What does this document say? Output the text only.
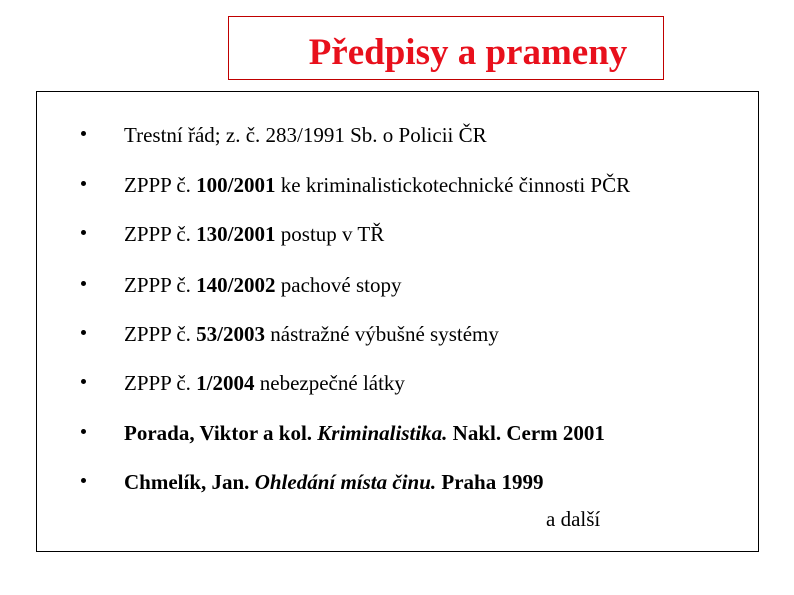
Předpisy a prameny
Trestní řád; z. č. 283/1991 Sb. o Policii ČR
ZPPP č. 100/2001 ke kriminalistickotechnické činnosti PČR
ZPPP č. 130/2001 postup v TŘ
ZPPP č. 140/2002 pachové stopy
ZPPP č. 53/2003 nástražné výbušné systémy
ZPPP č. 1/2004 nebezpečné látky
Porada, Viktor a kol. Kriminalistika. Nakl. Cerm 2001
Chmelík, Jan. Ohledání místa činu. Praha 1999
a další
